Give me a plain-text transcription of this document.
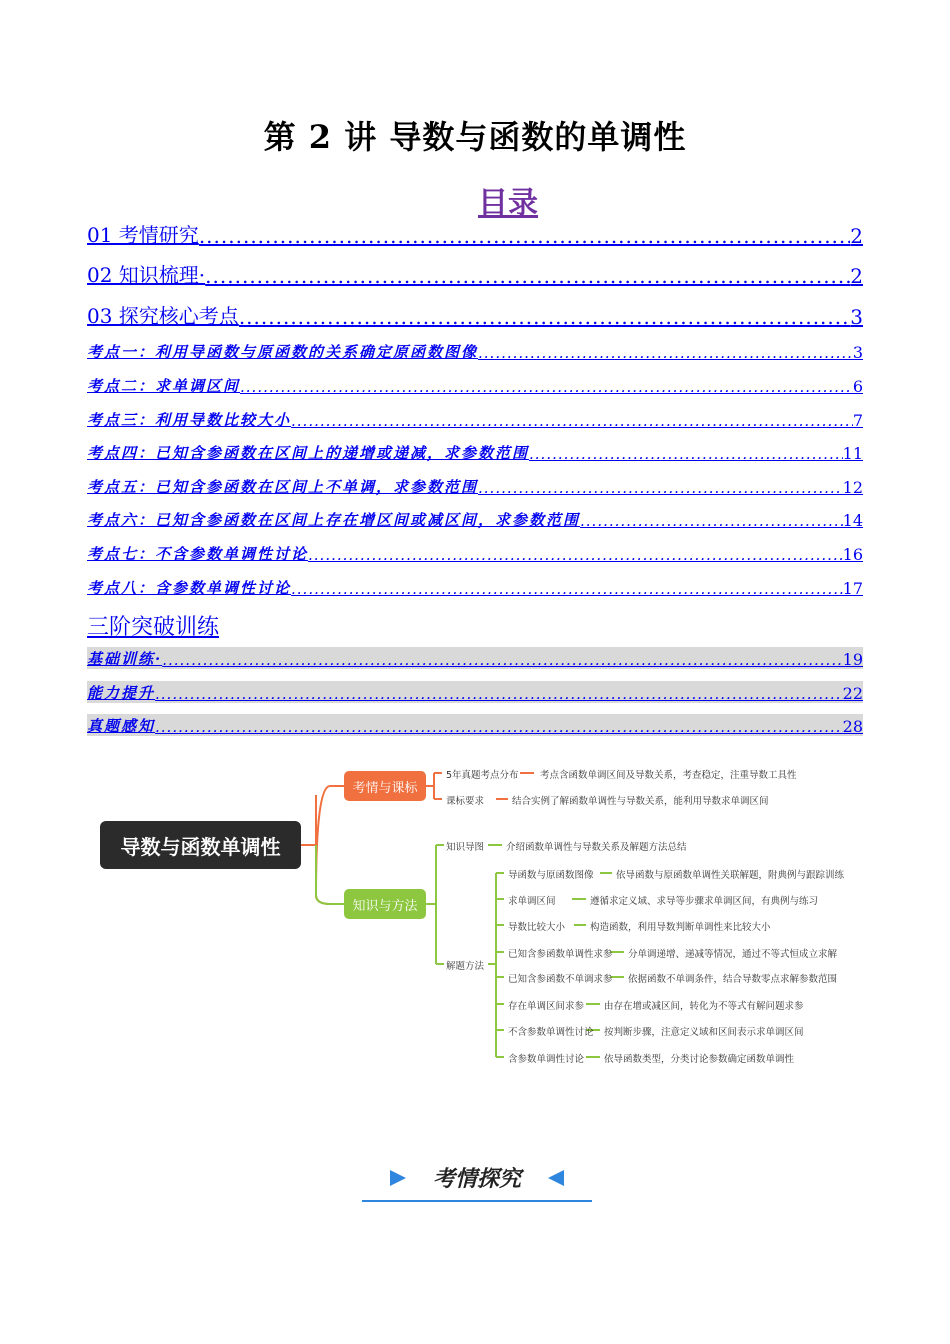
第 2 讲 导数与函数的单调性
目录
01 考情研究 .....	2
02 知识梳理· .....	2
03 探究核心考点 .....	3
考点一：利用导函数与原函数的关系确定原函数图像 .....	3
考点二：求单调区间 .....	6
考点三：利用导数比较大小 .....	7
考点四：已知含参函数在区间上的递增或递减，求参数范围 .....	11
考点五：已知含参函数在区间上不单调，求参数范围 .....	12
考点六：已知含参函数在区间上存在增区间或减区间，求参数范围 .....	14
考点七：不含参数单调性讨论 .....	16
考点八：含参数单调性讨论 .....	17
三阶突破训练
基础训练· .....	19
能力提升 .....	22
真题感知 .....	28
导数与函数单调性
考情与课标
知识与方法
5年真题考点分布 考点含函数单调区间及导数关系，考查稳定，注重导数工具性
课标要求	结合实例了解函数单调性与导数关系，能利用导数求单调区间
知识导图 介绍函数单调性与导数关系及解题方法总结
解题方法
导函数与原函数图像 依导函数与原函数单调性关联解题，附典例与跟踪训练
求单调区间	遵循求定义域、求导等步骤求单调区间，有典例与练习
导数比较大小	构造函数，利用导数判断单调性来比较大小
已知含参函数单调性求参 分单调递增、递减等情况，通过不等式恒成立求解
已知含参函数不单调求参 依据函数不单调条件，结合导数零点求解参数范围
存在单调区间求参 由存在增或减区间，转化为不等式有解问题求参
不含参数单调性讨论 按判断步骤，注意定义域和区间表示求单调区间
含参数单调性讨论 依导函数类型，分类讨论参数确定函数单调性
考情探究
